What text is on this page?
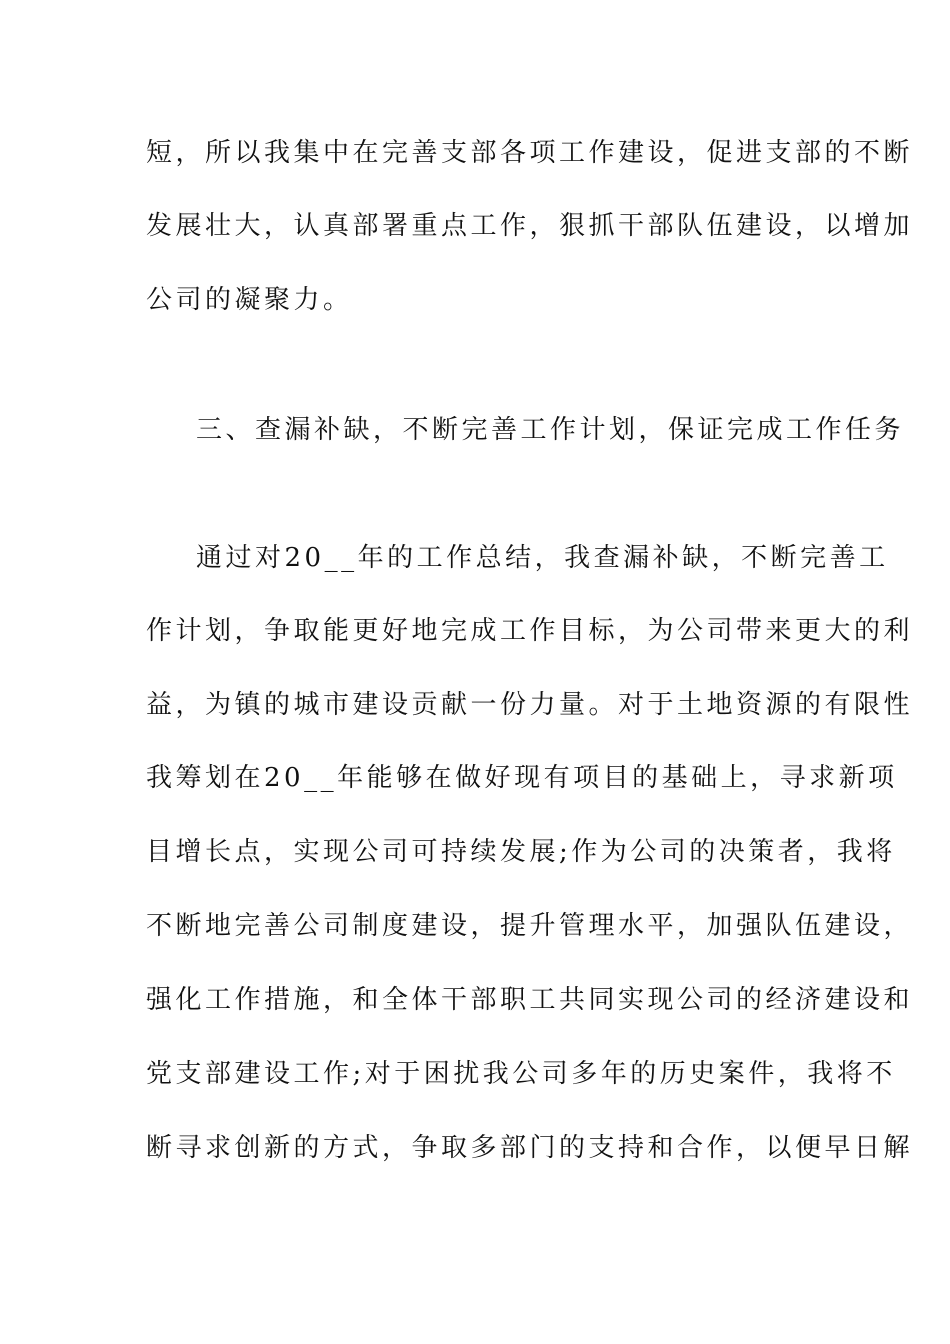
短，所以我集中在完善支部各项工作建设，促进支部的不断
发展壮大，认真部署重点工作，狠抓干部队伍建设，以增加
公司的凝聚力。
三、查漏补缺，不断完善工作计划，保证完成工作任务
通过对20__年的工作总结，我查漏补缺，不断完善工
作计划，争取能更好地完成工作目标，为公司带来更大的利
益，为镇的城市建设贡献一份力量。对于土地资源的有限性
我筹划在20__年能够在做好现有项目的基础上，寻求新项
目增长点，实现公司可持续发展;作为公司的决策者，我将
不断地完善公司制度建设，提升管理水平，加强队伍建设，
强化工作措施，和全体干部职工共同实现公司的经济建设和
党支部建设工作;对于困扰我公司多年的历史案件，我将不
断寻求创新的方式，争取多部门的支持和合作，以便早日解
